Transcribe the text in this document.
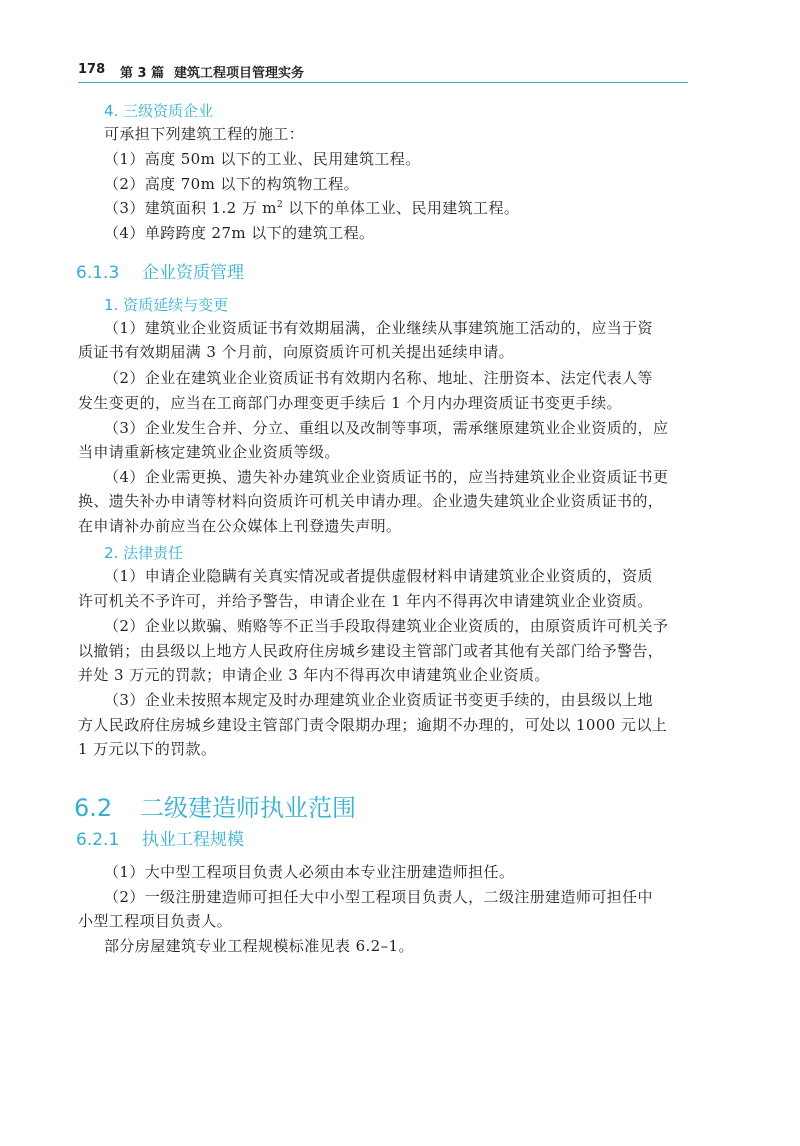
178 第 3 篇 建筑工程项目管理实务
4. 三级资质企业
可承担下列建筑工程的施工：
（1）高度 50m 以下的工业、民用建筑工程。
（2）高度 70m 以下的构筑物工程。
（3）建筑面积 1.2 万 $m^2$ 以下的单体工业、民用建筑工程。
（4）单跨跨度 27m 以下的建筑工程。
6.1.3 企业资质管理
1. 资质延续与变更
（1）建筑业企业资质证书有效期届满，企业继续从事建筑施工活动的，应当于资
质证书有效期届满 3 个月前，向原资质许可机关提出延续申请。
（2）企业在建筑业企业资质证书有效期内名称、地址、注册资本、法定代表人等
发生变更的，应当在工商部门办理变更手续后 1 个月内办理资质证书变更手续。
（3）企业发生合并、分立、重组以及改制等事项，需承继原建筑业企业资质的，应
当申请重新核定建筑业企业资质等级。
（4）企业需更换、遗失补办建筑业企业资质证书的，应当持建筑业企业资质证书更
换、遗失补办申请等材料向资质许可机关申请办理。企业遗失建筑业企业资质证书的，
在申请补办前应当在公众媒体上刊登遗失声明。
2. 法律责任
（1）申请企业隐瞒有关真实情况或者提供虚假材料申请建筑业企业资质的，资质
许可机关不予许可，并给予警告，申请企业在 1 年内不得再次申请建筑业企业资质。
（2）企业以欺骗、贿赂等不正当手段取得建筑业企业资质的，由原资质许可机关予
以撤销；由县级以上地方人民政府住房城乡建设主管部门或者其他有关部门给予警告，
并处 3 万元的罚款；申请企业 3 年内不得再次申请建筑业企业资质。
（3）企业未按照本规定及时办理建筑业企业资质证书变更手续的，由县级以上地
方人民政府住房城乡建设主管部门责令限期办理；逾期不办理的，可处以 1000 元以上
1 万元以下的罚款。
6.2 二级建造师执业范围
6.2.1 执业工程规模
（1）大中型工程项目负责人必须由本专业注册建造师担任。
（2）一级注册建造师可担任大中小型工程项目负责人，二级注册建造师可担任中
小型工程项目负责人。
部分房屋建筑专业工程规模标准见表 6.2–1。
